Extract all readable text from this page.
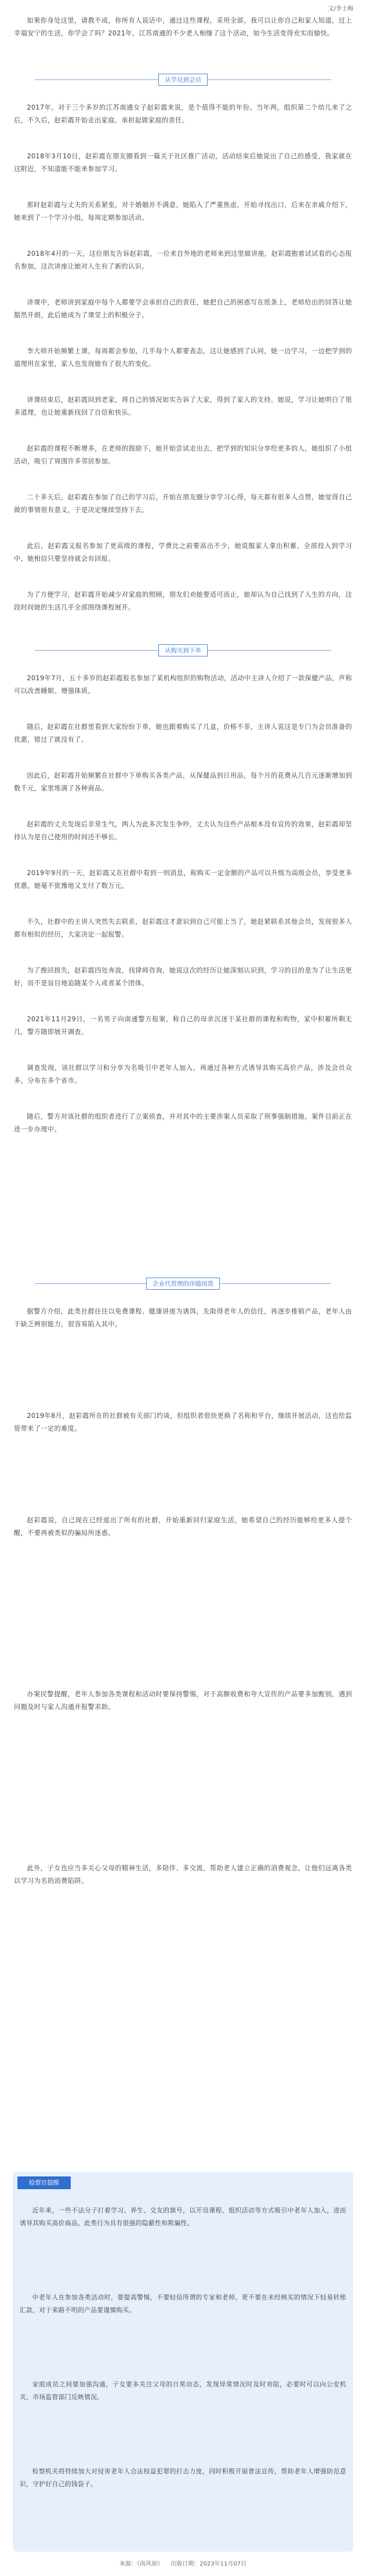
文/李士梅

如果你身处这里，请教不成，你所有人说话中，通过这些课程，采用全部，我可以让你自己和家人知道，过上幸福安宁的生活，你学会了吗？2021年，江苏南通的不少老人相继了这个活动，如今生活变得充实而愉快。

从学员到会员

2017年，对于三个多岁的江苏南通女子赵彩霞来说，是个值得不能的年份。当年两，组织第二个幼儿来了之后，不久后，赵彩霞开始走出家庭，承担起做家庭的责任。

2018年3月10日，赵彩霞在朋友圈看到一篇关于社区推广活动，活动结束后她说出了自己的感受，我家就在这附近，不知道能不能来参加学习。

那时赵彩霞与丈夫的关系紧张，对于婚姻并不满意，她陷入了严重焦虑，开始寻找出口，后来在亲戚介绍下，她来到了一个学习小组，每周定期参加活动。

2018年4月的一天，这位朋友告诉赵彩霞，一位来自外地的老师来到这里做讲座，赵彩霞抱着试试看的心态报名参加，这次讲座让她对人生有了新的认识。

讲课中，老师讲到家庭中每个人都要学会承担自己的责任，她把自己的困惑写在纸条上，老师给出的回答让她豁然开朗，此后她成为了课堂上的积极分子。

李大师开始频繁上课，每周都会参加，几乎每个人都要表态，这让她感到了认同，她一边学习，一边把学到的道理用在家里，家人也发现她有了很大的变化。

讲课结束后，赵彩霞回到老家，将自己的情况如实告诉了大家，得到了家人的支持。她说，学习让她明白了很多道理，也让她重新找回了自信和快乐。

赵彩霞的课程不断增多，在老师的鼓励下，她开始尝试走出去，把学到的知识分享给更多的人，她组织了小组活动，吸引了周围许多邻居参加。

二十多天后，赵彩霞在参加了自己的学习后，开始在朋友圈分享学习心得，每天都有很多人点赞，她觉得自己做的事情很有意义，于是决定继续坚持下去。

此后，赵彩霞又报名参加了更高级的课程，学费比之前要高出不少，她说服家人拿出积蓄，全部投入到学习中，她相信只要坚持就会有回报。

为了方便学习，赵彩霞开始减少对家庭的照顾，朋友们劝她要适可而止，她却认为自己找到了人生的方向，这段时间她的生活几乎全部围绕课程展开。

从购买到下单

2019年7月，五十多岁的赵彩霞报名参加了某机构组织的购物活动，活动中主讲人介绍了一款保健产品，声称可以改善睡眠、增强体质。

随后，赵彩霞在社群里看到大家纷纷下单，她也跟着购买了几盒，价格不菲，主讲人说这是专门为会员准备的优惠，错过了就没有了。

因此后，赵彩霞开始频繁在社群中下单购买各类产品，从保健品到日用品，每个月的花费从几百元逐渐增加到数千元，家里堆满了各种商品。

赵彩霞的丈夫发现后非常生气，两人为此多次发生争吵，丈夫认为这些产品根本没有宣传的效果，赵彩霞却坚持认为是自己使用的时间还不够长。

2019年9月的一天，赵彩霞又在社群中看到一则消息，称购买一定金额的产品可以升级为高级会员，享受更多优惠，她毫不犹豫地又支付了数万元。

不久，社群中的主讲人突然失去联系，赵彩霞这才意识到自己可能上当了，她赶紧联系其他会员，发现很多人都有相似的经历，大家决定一起报警。

为了挽回损失，赵彩霞四处奔波，找律师咨询，她说这次的经历让她深刻认识到，学习的目的是为了让生活更好，而不是盲目地追随某个人或者某个团体。

2021年11月29日，一名男子向南通警方报案，称自己的母亲沉迷于某社群的课程和购物，家中积蓄所剩无几，警方随即展开调查。

调查发现，该社群以学习和分享为名吸引中老年人加入，再通过各种方式诱导其购买高价产品，涉及会员众多，分布在多个省市。

随后，警方对该社群的组织者进行了立案侦查，并对其中的主要涉案人员采取了刑事强制措施，案件目前正在进一步办理中。

企业代管理的伴随国货

据警方介绍，此类社群往往以免费课程、健康讲座为诱饵，先取得老年人的信任，再逐步推销产品，老年人由于缺乏辨别能力，很容易陷入其中。

2019年8月，赵彩霞所在的社群被有关部门约谈，但组织者很快更换了名称和平台，继续开展活动，这也给监管带来了一定的难度。

赵彩霞说，自己现在已经退出了所有的社群，开始重新回归家庭生活，她希望自己的经历能够给更多人提个醒，不要再被类似的骗局所迷惑。

办案民警提醒，老年人参加各类课程和活动时要保持警惕，对于高额收费和夸大宣传的产品要多加甄别，遇到问题及时与家人沟通并报警求助。

此外，子女也应当多关心父母的精神生活，多陪伴、多交流，帮助老人建立正确的消费观念，让他们远离各类以学习为名的消费陷阱。

检察官提醒

近年来，一些不法分子打着学习、养生、交友的旗号，以开设课程、组织活动等方式吸引中老年人加入，进而诱导其购买高价商品，此类行为具有很强的隐蔽性和欺骗性。

中老年人在参加各类活动时，要提高警惕，不要轻信所谓的专家和老师，更不要在未经核实的情况下轻易转账汇款，对于来路不明的产品要谨慎购买。

家庭成员之间要加强沟通，子女要多关注父母的日常动态，发现异常情况时及时劝阻，必要时可以向公安机关、市场监管部门反映情况。

检察机关将持续加大对侵害老年人合法权益犯罪的打击力度，同时积极开展普法宣传，帮助老年人增强防范意识，守护好自己的钱袋子。

来源：《南风窗》 出版日期：2023年11月07日
